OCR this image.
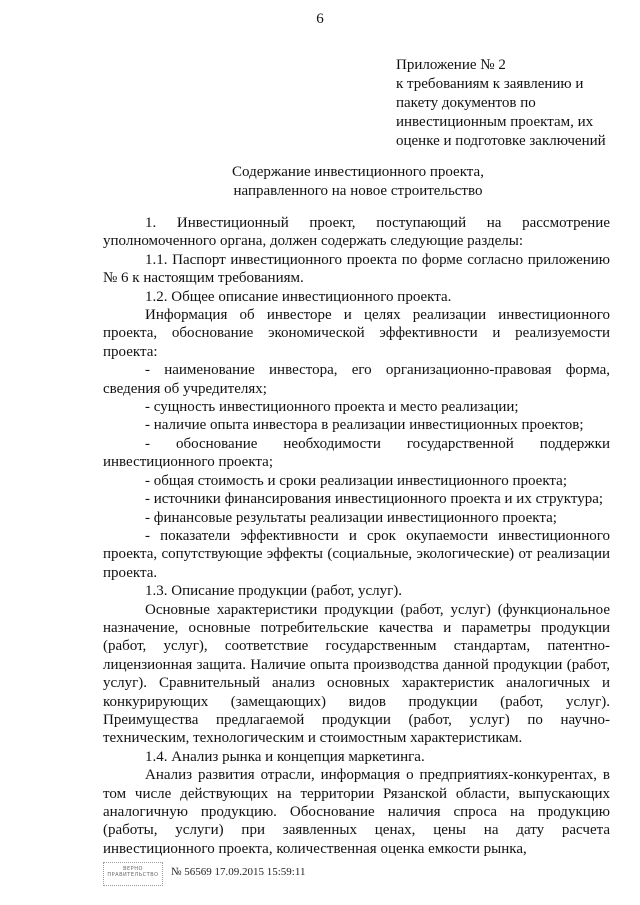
6
Приложение № 2
к требованиям к заявлению и
пакету документов по
инвестиционным проектам, их
оценке и подготовке заключений
Содержание инвестиционного проекта,
направленного на новое строительство

1. Инвестиционный проект, поступающий на рассмотрение уполномоченного органа, должен содержать следующие разделы:

1.1. Паспорт инвестиционного проекта по форме согласно приложению № 6 к настоящим требованиям.

1.2. Общее описание инвестиционного проекта.

Информация об инвесторе и целях реализации инвестиционного проекта, обоснование экономической эффективности и реализуемости проекта:

- наименование инвестора, его организационно-правовая форма, сведения об учредителях;

- сущность инвестиционного проекта и место реализации;

- наличие опыта инвестора в реализации инвестиционных проектов;

- обоснование необходимости государственной поддержки инвестиционного проекта;

- общая стоимость и сроки реализации инвестиционного проекта;

- источники финансирования инвестиционного проекта и их структура;

- финансовые результаты реализации инвестиционного проекта;

- показатели эффективности и срок окупаемости инвестиционного проекта, сопутствующие эффекты (социальные, экологические) от реализации проекта.

1.3. Описание продукции (работ, услуг).

Основные характеристики продукции (работ, услуг) (функциональное назначение, основные потребительские качества и параметры продукции (работ, услуг), соответствие государственным стандартам, патентно-лицензионная защита. Наличие опыта производства данной продукции (работ, услуг). Сравнительный анализ основных характеристик аналогичных и конкурирующих (замещающих) видов продукции (работ, услуг). Преимущества предлагаемой продукции (работ, услуг) по научно-техническим, технологическим и стоимостным характеристикам.

1.4. Анализ рынка и концепция маркетинга.

Анализ развития отрасли, информация о предприятиях-конкурентах, в том числе действующих на территории Рязанской области, выпускающих аналогичную продукцию. Обоснование наличия спроса на продукцию (работы, услуги) при заявленных ценах, цены на дату расчета инвестиционного проекта, количественная оценка емкости рынка,

ВЕРНО
ПРАВИТЕЛЬСТВО	№ 56569 17.09.2015 15:59:11
